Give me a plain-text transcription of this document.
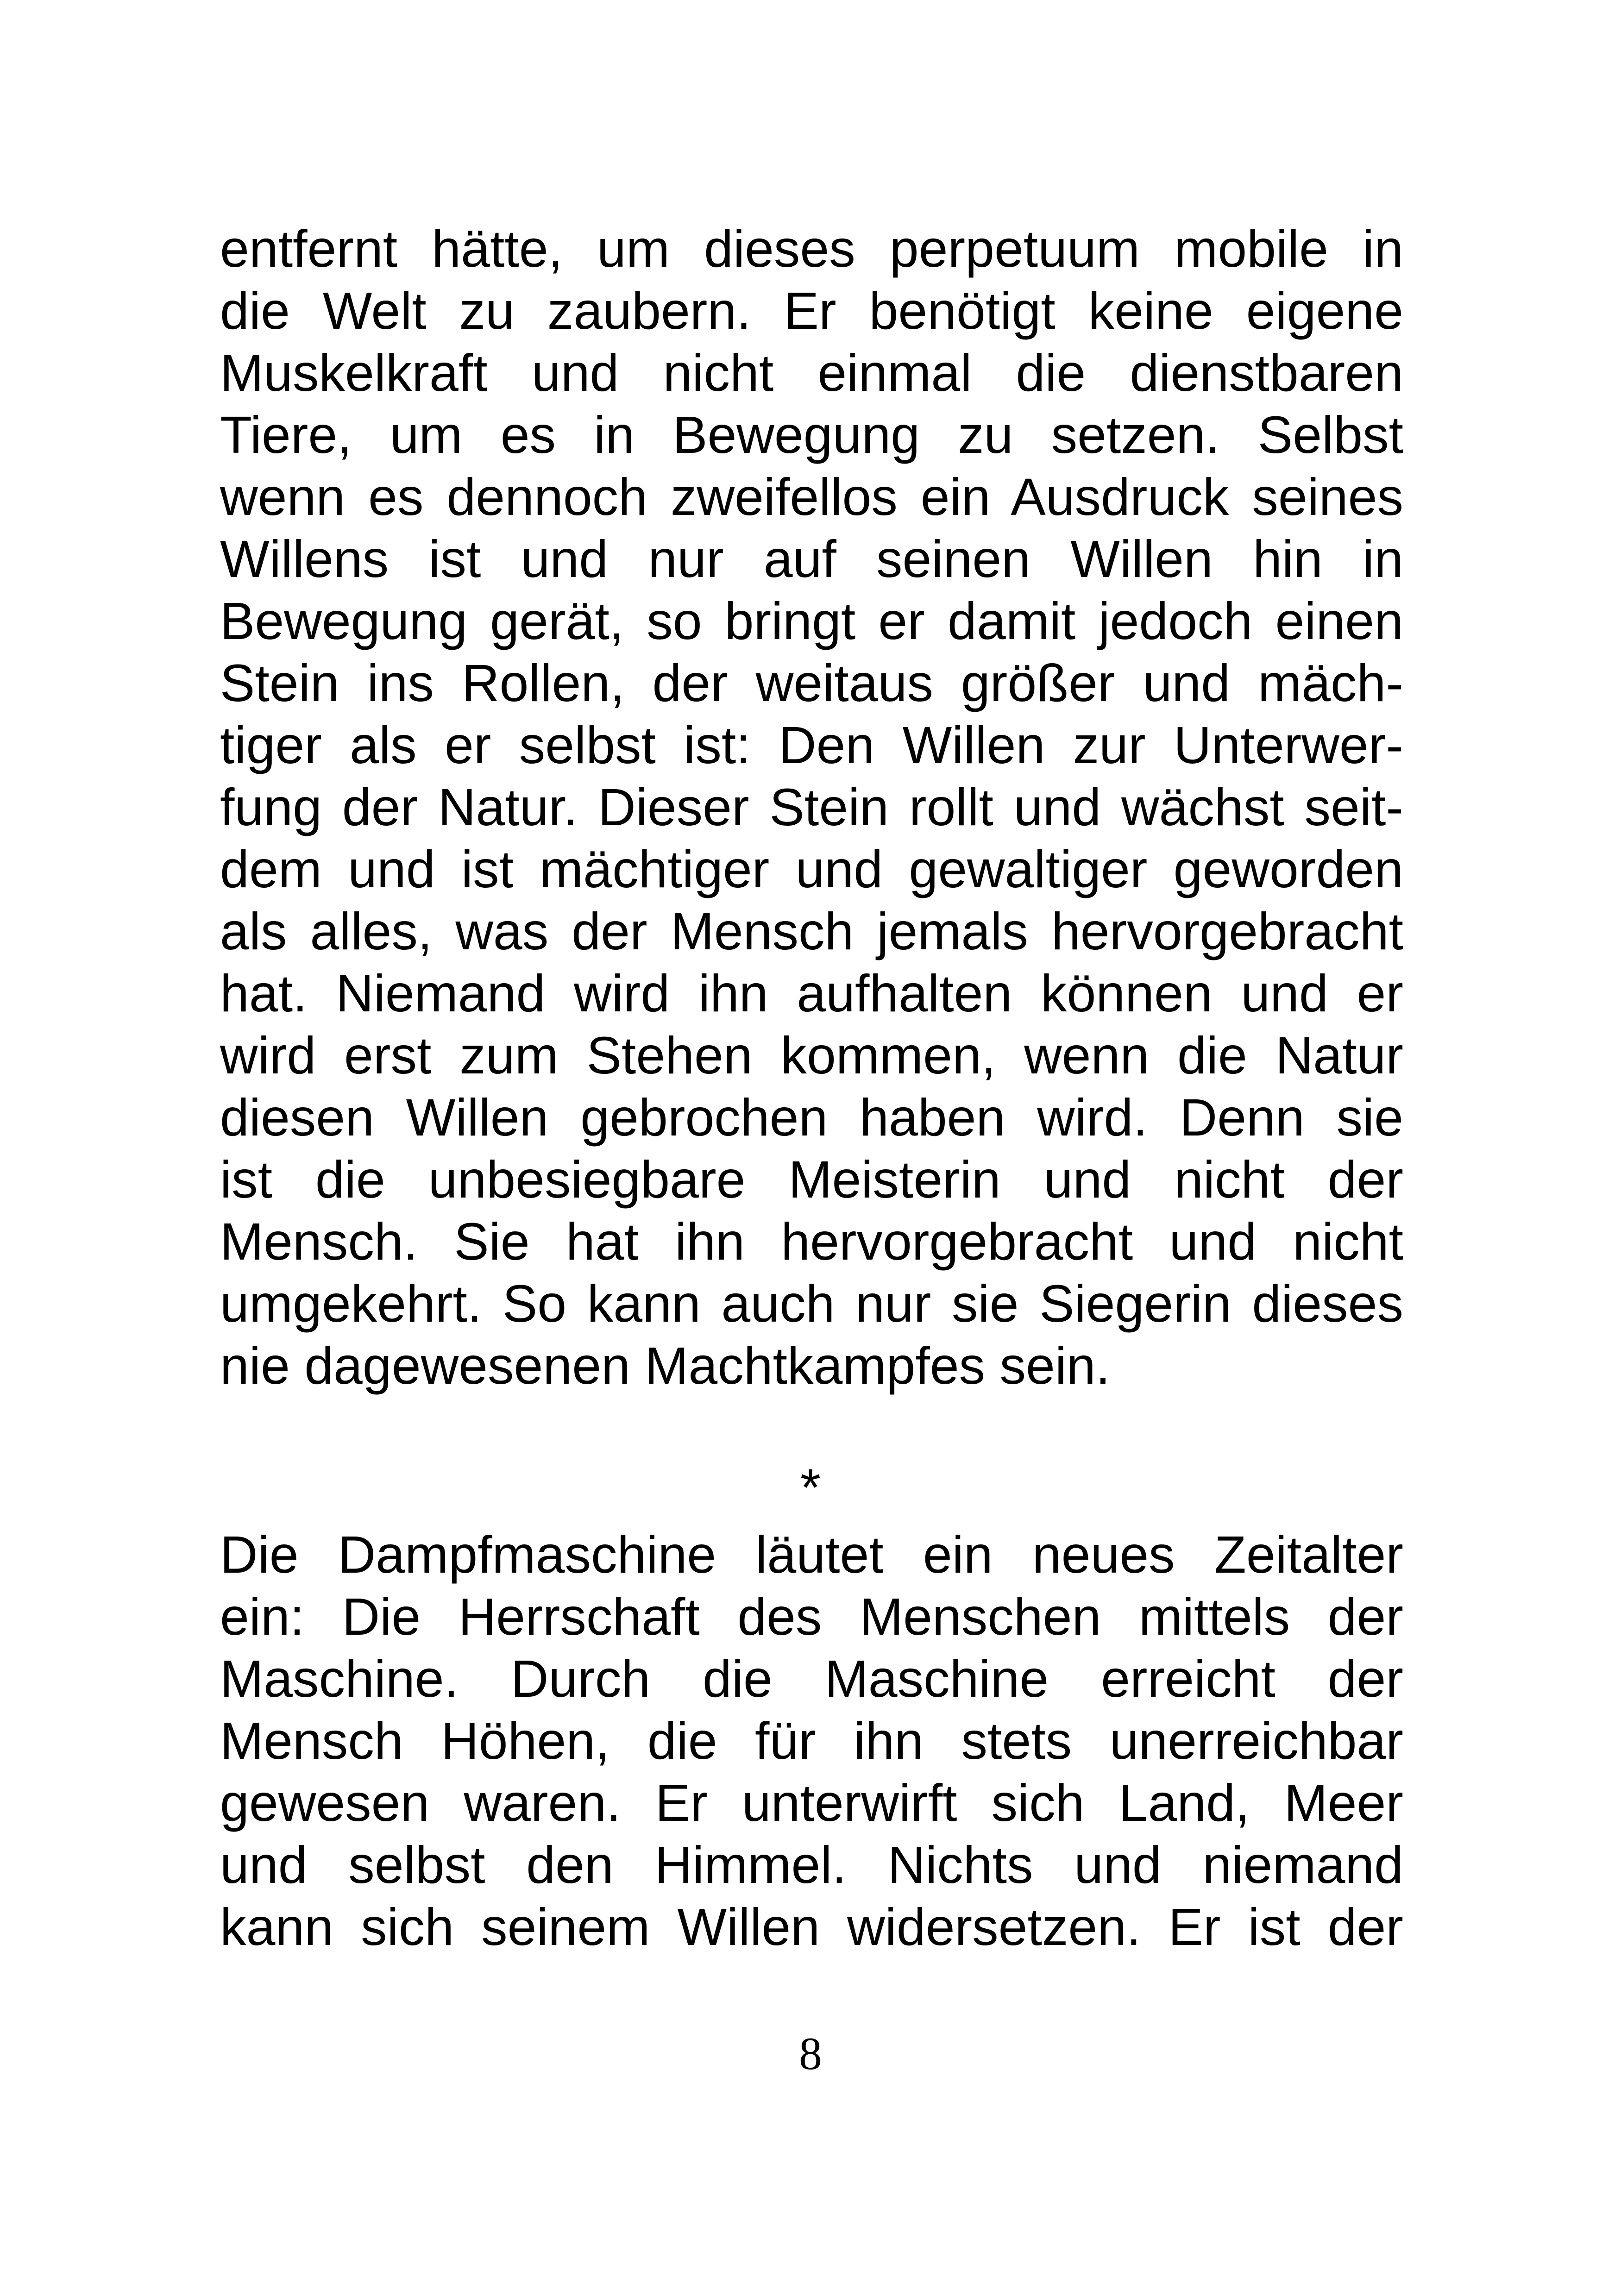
entfernt hätte, um dieses perpetuum mobile in
die Welt zu zaubern. Er benötigt keine eigene
Muskelkraft und nicht einmal die dienstbaren
Tiere, um es in Bewegung zu setzen. Selbst
wenn es dennoch zweifellos ein Ausdruck seines
Willens ist und nur auf seinen Willen hin in
Bewegung gerät, so bringt er damit jedoch einen
Stein ins Rollen, der weitaus größer und mäch-
tiger als er selbst ist: Den Willen zur Unterwer-
fung der Natur. Dieser Stein rollt und wächst seit-
dem und ist mächtiger und gewaltiger geworden
als alles, was der Mensch jemals hervorgebracht
hat. Niemand wird ihn aufhalten können und er
wird erst zum Stehen kommen, wenn die Natur
diesen Willen gebrochen haben wird. Denn sie
ist die unbesiegbare Meisterin und nicht der
Mensch. Sie hat ihn hervorgebracht und nicht
umgekehrt. So kann auch nur sie Siegerin dieses
nie dagewesenen Machtkampfes sein.
*
Die Dampfmaschine läutet ein neues Zeitalter
ein: Die Herrschaft des Menschen mittels der
Maschine. Durch die Maschine erreicht der
Mensch Höhen, die für ihn stets unerreichbar
gewesen waren. Er unterwirft sich Land, Meer
und selbst den Himmel. Nichts und niemand
kann sich seinem Willen widersetzen. Er ist der
8
